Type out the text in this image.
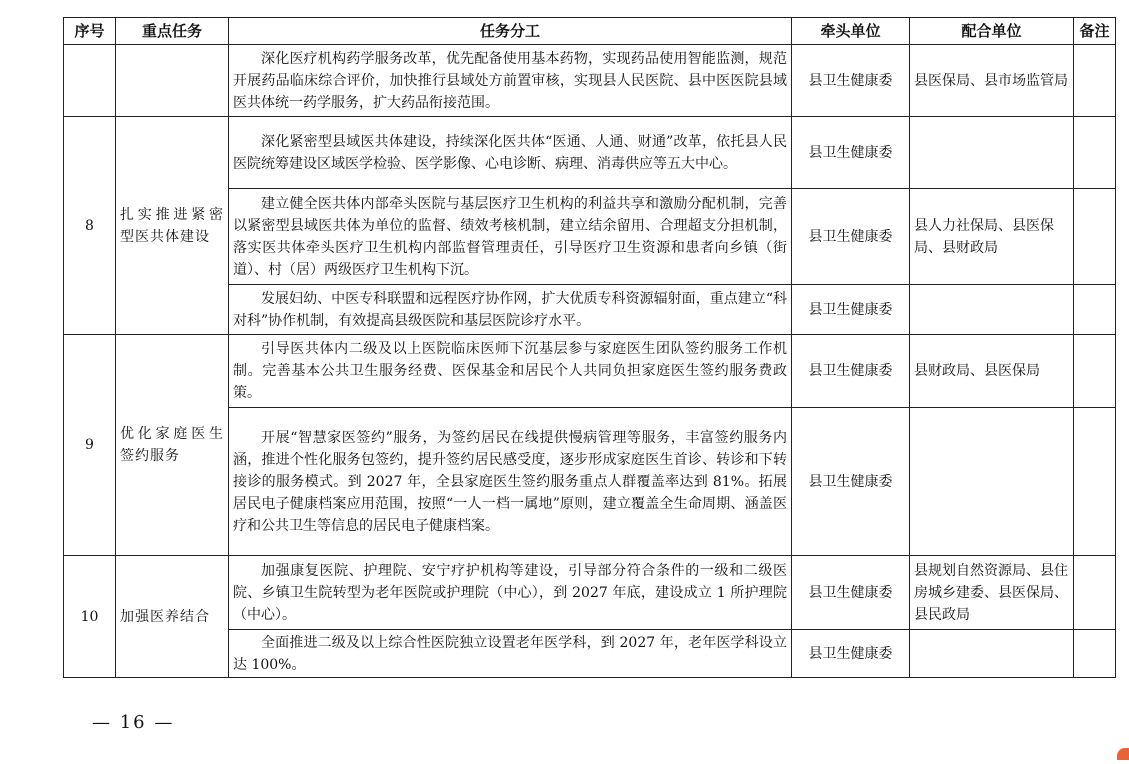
序号	重点任务	任务分工	牵头单位	配合单位	备注
		深化医疗机构药学服务改革，优先配备使用基本药物，实现药品使用智能监测，规范开展药品临床综合评价，加快推行县域处方前置审核，实现县人民医院、县中医医院县域医共体统一药学服务，扩大药品衔接范围。	县卫生健康委	县医保局、县市场监管局	
8	扎实推进紧密型医共体建设	深化紧密型县域医共体建设，持续深化医共体“医通、人通、财通”改革，依托县人民医院统筹建设区域医学检验、医学影像、心电诊断、病理、消毒供应等五大中心。	县卫生健康委		
		建立健全医共体内部牵头医院与基层医疗卫生机构的利益共享和激励分配机制，完善以紧密型县域医共体为单位的监督、绩效考核机制，建立结余留用、合理超支分担机制，落实医共体牵头医疗卫生机构内部监督管理责任，引导医疗卫生资源和患者向乡镇（街道）、村（居）两级医疗卫生机构下沉。	县卫生健康委	县人力社保局、县医保局、县财政局	
		发展妇幼、中医专科联盟和远程医疗协作网，扩大优质专科资源辐射面，重点建立“科对科”协作机制，有效提高县级医院和基层医院诊疗水平。	县卫生健康委		
9	优化家庭医生签约服务	引导医共体内二级及以上医院临床医师下沉基层参与家庭医生团队签约服务工作机制。完善基本公共卫生服务经费、医保基金和居民个人共同负担家庭医生签约服务费政策。	县卫生健康委	县财政局、县医保局	
		开展“智慧家医签约”服务，为签约居民在线提供慢病管理等服务，丰富签约服务内涵，推进个性化服务包签约，提升签约居民感受度，逐步形成家庭医生首诊、转诊和下转接诊的服务模式。到 2027 年，全县家庭医生签约服务重点人群覆盖率达到 81%。拓展居民电子健康档案应用范围，按照“一人一档一属地”原则，建立覆盖全生命周期、涵盖医疗和公共卫生等信息的居民电子健康档案。	县卫生健康委		
10	加强医养结合	加强康复医院、护理院、安宁疗护机构等建设，引导部分符合条件的一级和二级医院、乡镇卫生院转型为老年医院或护理院（中心），到 2027 年底，建设成立 1 所护理院（中心）。	县卫生健康委	县规划自然资源局、县住房城乡建委、县医保局、县民政局	
		全面推进二级及以上综合性医院独立设置老年医学科，到 2027 年，老年医学科设立达 100%。	县卫生健康委		
— 16 —
